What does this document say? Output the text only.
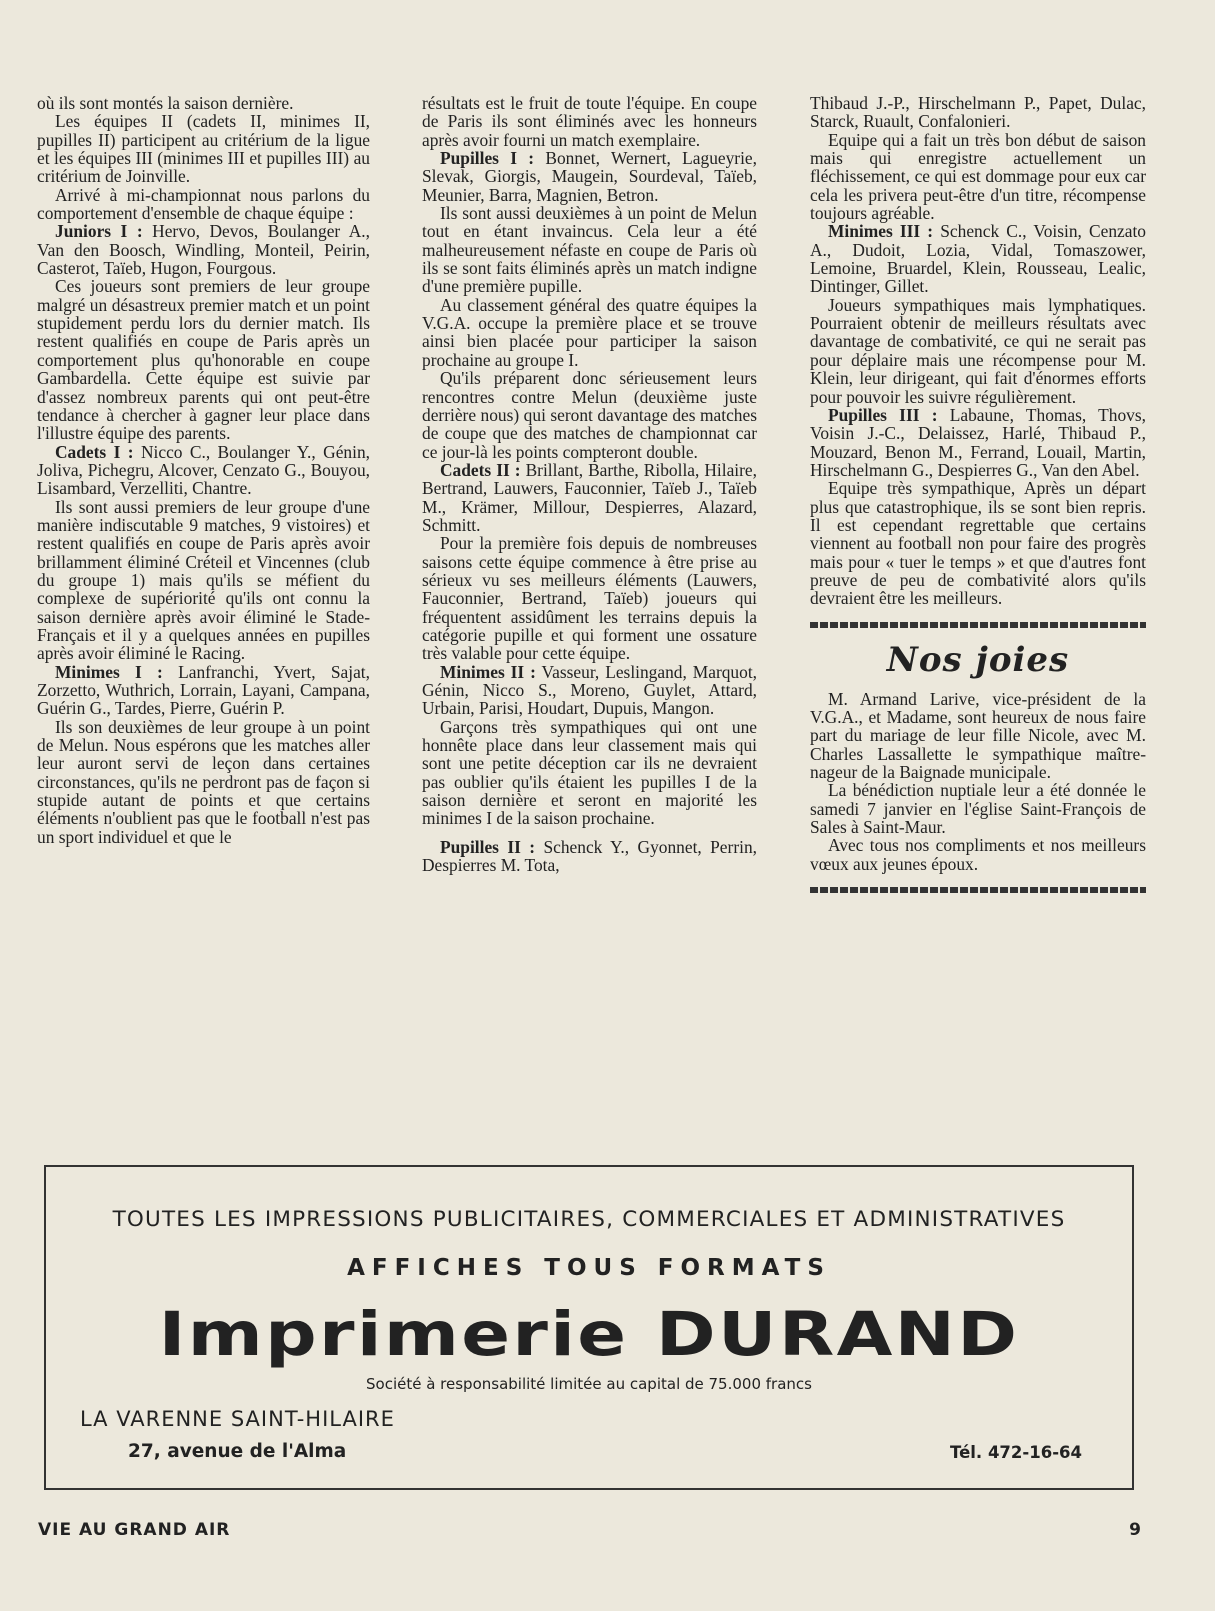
où ils sont montés la saison dernière.

Les équipes II (cadets II, minimes II, pupilles II) participent au critérium de la ligue et les équipes III (minimes III et pupilles III) au critérium de Joinville.

Arrivé à mi-championnat nous parlons du comportement d'ensemble de chaque équipe :

Juniors I : Hervo, Devos, Boulanger A., Van den Boosch, Windling, Monteil, Peirin, Casterot, Taïeb, Hugon, Fourgous.

Ces joueurs sont premiers de leur groupe malgré un désastreux premier match et un point stupidement perdu lors du dernier match. Ils restent qualifiés en coupe de Paris après un comportement plus qu'honorable en coupe Gambardella. Cette équipe est suivie par d'assez nombreux parents qui ont peut-être tendance à chercher à gagner leur place dans l'illustre équipe des parents.

Cadets I : Nicco C., Boulanger Y., Génin, Joliva, Pichegru, Alcover, Cenzato G., Bouyou, Lisambard, Verzelliti, Chantre.

Ils sont aussi premiers de leur groupe d'une manière indiscutable 9 matches, 9 vistoires) et restent qualifiés en coupe de Paris après avoir brillamment éliminé Créteil et Vincennes (club du groupe 1) mais qu'ils se méfient du complexe de supériorité qu'ils ont connu la saison dernière après avoir éliminé le Stade-Français et il y a quelques années en pupilles après avoir éliminé le Racing.

Minimes I : Lanfranchi, Yvert, Sajat, Zorzetto, Wuthrich, Lorrain, Layani, Campana, Guérin G., Tardes, Pierre, Guérin P.

Ils son deuxièmes de leur groupe à un point de Melun. Nous espérons que les matches aller leur auront servi de leçon dans certaines circonstances, qu'ils ne perdront pas de façon si stupide autant de points et que certains éléments n'oublient pas que le football n'est pas un sport individuel et que le

résultats est le fruit de toute l'équipe. En coupe de Paris ils sont éliminés avec les honneurs après avoir fourni un match exemplaire.

Pupilles I : Bonnet, Wernert, Lagueyrie, Slevak, Giorgis, Maugein, Sourdeval, Taïeb, Meunier, Barra, Magnien, Betron.

Ils sont aussi deuxièmes à un point de Melun tout en étant invaincus. Cela leur a été malheureusement néfaste en coupe de Paris où ils se sont faits éliminés après un match indigne d'une première pupille.

Au classement général des quatre équipes la V.G.A. occupe la première place et se trouve ainsi bien placée pour participer la saison prochaine au groupe I.

Qu'ils préparent donc sérieusement leurs rencontres contre Melun (deuxième juste derrière nous) qui seront davantage des matches de coupe que des matches de championnat car ce jour-là les points compteront double.

Cadets II : Brillant, Barthe, Ribolla, Hilaire, Bertrand, Lauwers, Fauconnier, Taïeb J., Taïeb M., Krämer, Millour, Despierres, Alazard, Schmitt.

Pour la première fois depuis de nombreuses saisons cette équipe commence à être prise au sérieux vu ses meilleurs éléments (Lauwers, Fauconnier, Bertrand, Taïeb) joueurs qui fréquentent assidûment les terrains depuis la catégorie pupille et qui forment une ossature très valable pour cette équipe.

Minimes II : Vasseur, Leslingand, Marquot, Génin, Nicco S., Moreno, Guylet, Attard, Urbain, Parisi, Houdart, Dupuis, Mangon.

Garçons très sympathiques qui ont une honnête place dans leur classement mais qui sont une petite déception car ils ne devraient pas oublier qu'ils étaient les pupilles I de la saison dernière et seront en majorité les minimes I de la saison prochaine.

Pupilles II : Schenck Y., Gyonnet, Perrin, Despierres M. Tota,

Thibaud J.-P., Hirschelmann P., Papet, Dulac, Starck, Ruault, Confalonieri.

Equipe qui a fait un très bon début de saison mais qui enregistre actuellement un fléchissement, ce qui est dommage pour eux car cela les privera peut-être d'un titre, récompense toujours agréable.

Minimes III : Schenck C., Voisin, Cenzato A., Dudoit, Lozia, Vidal, Tomaszower, Lemoine, Bruardel, Klein, Rousseau, Lealic, Dintinger, Gillet.

Joueurs sympathiques mais lymphatiques. Pourraient obtenir de meilleurs résultats avec davantage de combativité, ce qui ne serait pas pour déplaire mais une récompense pour M. Klein, leur dirigeant, qui fait d'énormes efforts pour pouvoir les suivre régulièrement.

Pupilles III : Labaune, Thomas, Thovs, Voisin J.-C., Delaissez, Harlé, Thibaud P., Mouzard, Benon M., Ferrand, Louail, Martin, Hirschelmann G., Despierres G., Van den Abel.

Equipe très sympathique, Après un départ plus que catastrophique, ils se sont bien repris. Il est cependant regrettable que certains viennent au football non pour faire des progrès mais pour « tuer le temps » et que d'autres font preuve de peu de combativité alors qu'ils devraient être les meilleurs.

Nos joies

M. Armand Larive, vice-président de la V.G.A., et Madame, sont heureux de nous faire part du mariage de leur fille Nicole, avec M. Charles Lassallette le sympathique maître-nageur de la Baignade municipale.

La bénédiction nuptiale leur a été donnée le samedi 7 janvier en l'église Saint-François de Sales à Saint-Maur.

Avec tous nos compliments et nos meilleurs vœux aux jeunes époux.

TOUTES LES IMPRESSIONS PUBLICITAIRES, COMMERCIALES ET ADMINISTRATIVES
AFFICHES TOUS FORMATS
Imprimerie DURAND
Société à responsabilité limitée au capital de 75.000 francs
LA VARENNE SAINT-HILAIRE
27, avenue de l'Alma	Tél. 472-16-64
VIE AU GRAND AIR	9
